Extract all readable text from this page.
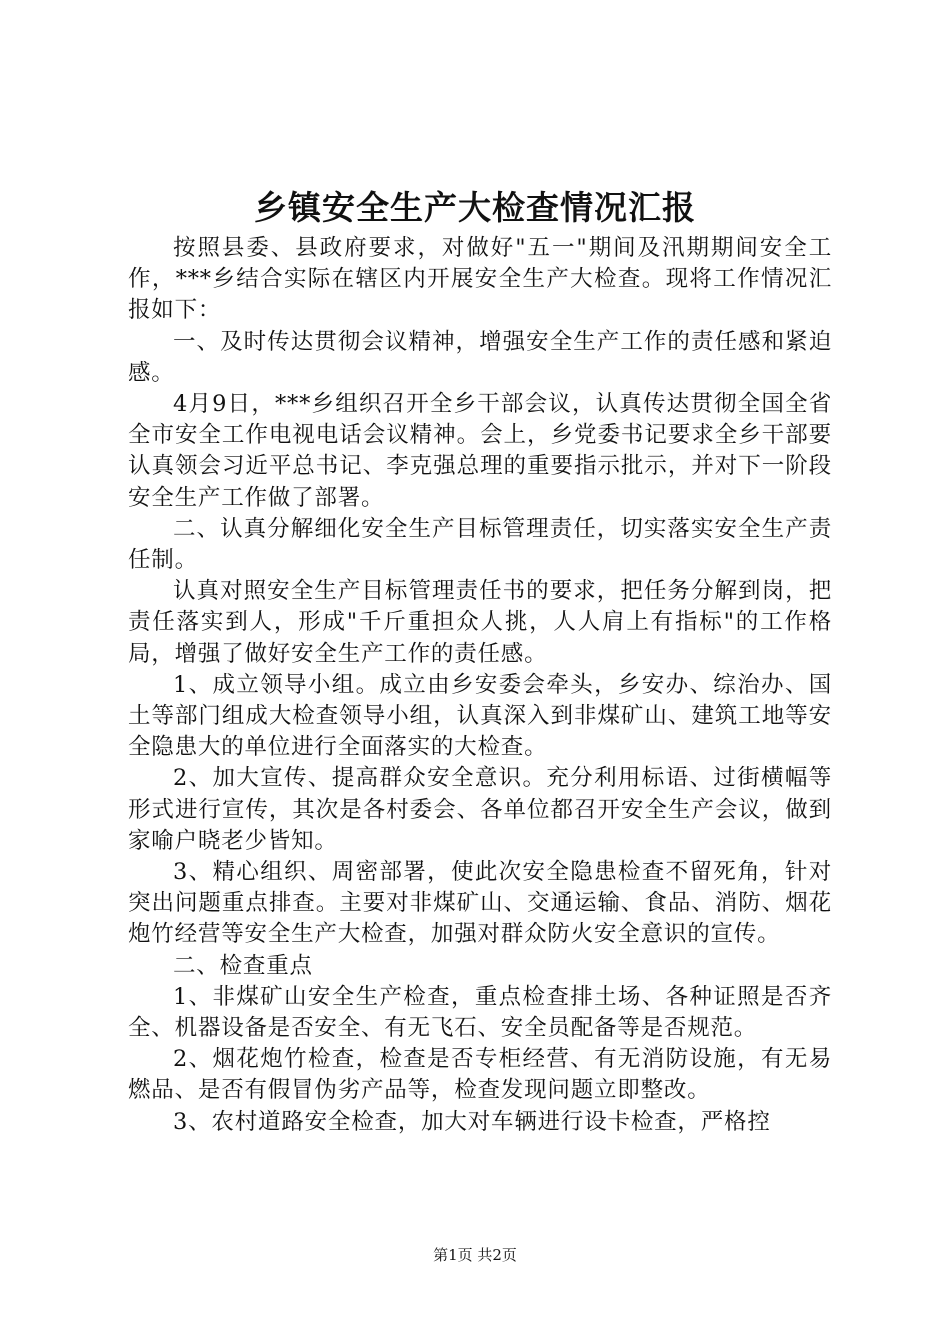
乡镇安全生产大检查情况汇报

按照县委、县政府要求，对做好"五一"期间及汛期期间安全工作，***乡结合实际在辖区内开展安全生产大检查。现将工作情况汇报如下：

一、及时传达贯彻会议精神，增强安全生产工作的责任感和紧迫感。

4月9日，***乡组织召开全乡干部会议，认真传达贯彻全国全省全市安全工作电视电话会议精神。会上，乡党委书记要求全乡干部要认真领会习近平总书记、李克强总理的重要指示批示，并对下一阶段安全生产工作做了部署。

二、认真分解细化安全生产目标管理责任，切实落实安全生产责任制。

认真对照安全生产目标管理责任书的要求，把任务分解到岗，把责任落实到人，形成"千斤重担众人挑，人人肩上有指标"的工作格局，增强了做好安全生产工作的责任感。

1、成立领导小组。成立由乡安委会牵头，乡安办、综治办、国土等部门组成大检查领导小组，认真深入到非煤矿山、建筑工地等安全隐患大的单位进行全面落实的大检查。

2、加大宣传、提高群众安全意识。充分利用标语、过街横幅等形式进行宣传，其次是各村委会、各单位都召开安全生产会议，做到家喻户晓老少皆知。

3、精心组织、周密部署，使此次安全隐患检查不留死角，针对突出问题重点排查。主要对非煤矿山、交通运输、食品、消防、烟花炮竹经营等安全生产大检查，加强对群众防火安全意识的宣传。

二、检查重点

1、非煤矿山安全生产检查，重点检查排土场、各种证照是否齐全、机器设备是否安全、有无飞石、安全员配备等是否规范。

2、烟花炮竹检查，检查是否专柜经营、有无消防设施，有无易燃品、是否有假冒伪劣产品等，检查发现问题立即整改。

3、农村道路安全检查，加大对车辆进行设卡检查，严格控

第1页 共2页
